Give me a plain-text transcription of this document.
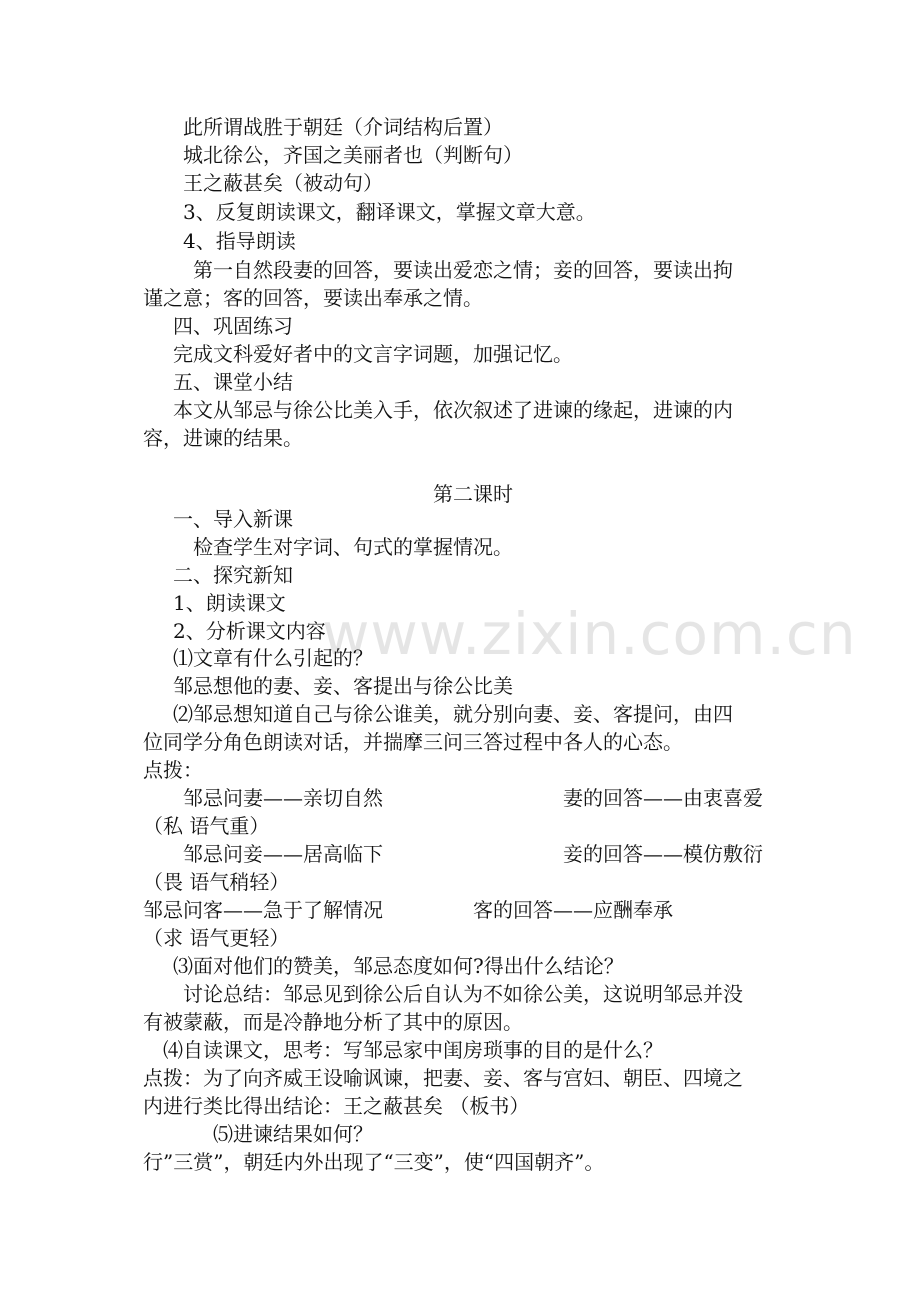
www.zixin.com.cn
此所谓战胜于朝廷（介词结构后置）
城北徐公，齐国之美丽者也（判断句）
王之蔽甚矣（被动句）
3、反复朗读课文，翻译课文，掌握文章大意。
4、指导朗读
第一自然段妻的回答，要读出爱恋之情；妾的回答，要读出拘
谨之意；客的回答，要读出奉承之情。
四、巩固练习
完成文科爱好者中的文言字词题，加强记忆。
五、课堂小结
本文从邹忌与徐公比美入手，依次叙述了进谏的缘起，进谏的内
容，进谏的结果。
第二课时
一、导入新课
检查学生对字词、句式的掌握情况。
二、探究新知
1、朗读课文
2、分析课文内容
⑴文章有什么引起的？
邹忌想他的妻、妾、客提出与徐公比美
⑵邹忌想知道自己与徐公谁美，就分别向妻、妾、客提问，由四
位同学分角色朗读对话，并揣摩三问三答过程中各人的心态。
点拨：
邹忌问妻——亲切自然	妻的回答——由衷喜爱
（私 语气重）
邹忌问妾——居高临下	妾的回答——模仿敷衍
（畏 语气稍轻）
邹忌问客——急于了解情况	客的回答——应酬奉承
（求 语气更轻）
⑶面对他们的赞美，邹忌态度如何?得出什么结论？
讨论总结：邹忌见到徐公后自认为不如徐公美，这说明邹忌并没
有被蒙蔽，而是冷静地分析了其中的原因。
⑷自读课文，思考：写邹忌家中闺房琐事的目的是什么？
点拨：为了向齐威王设喻讽谏，把妻、妾、客与宫妇、朝臣、四境之
内进行类比得出结论：王之蔽甚矣 （板书）
⑸进谏结果如何？
行”三赏”，朝廷内外出现了“三变”，使“四国朝齐”。
